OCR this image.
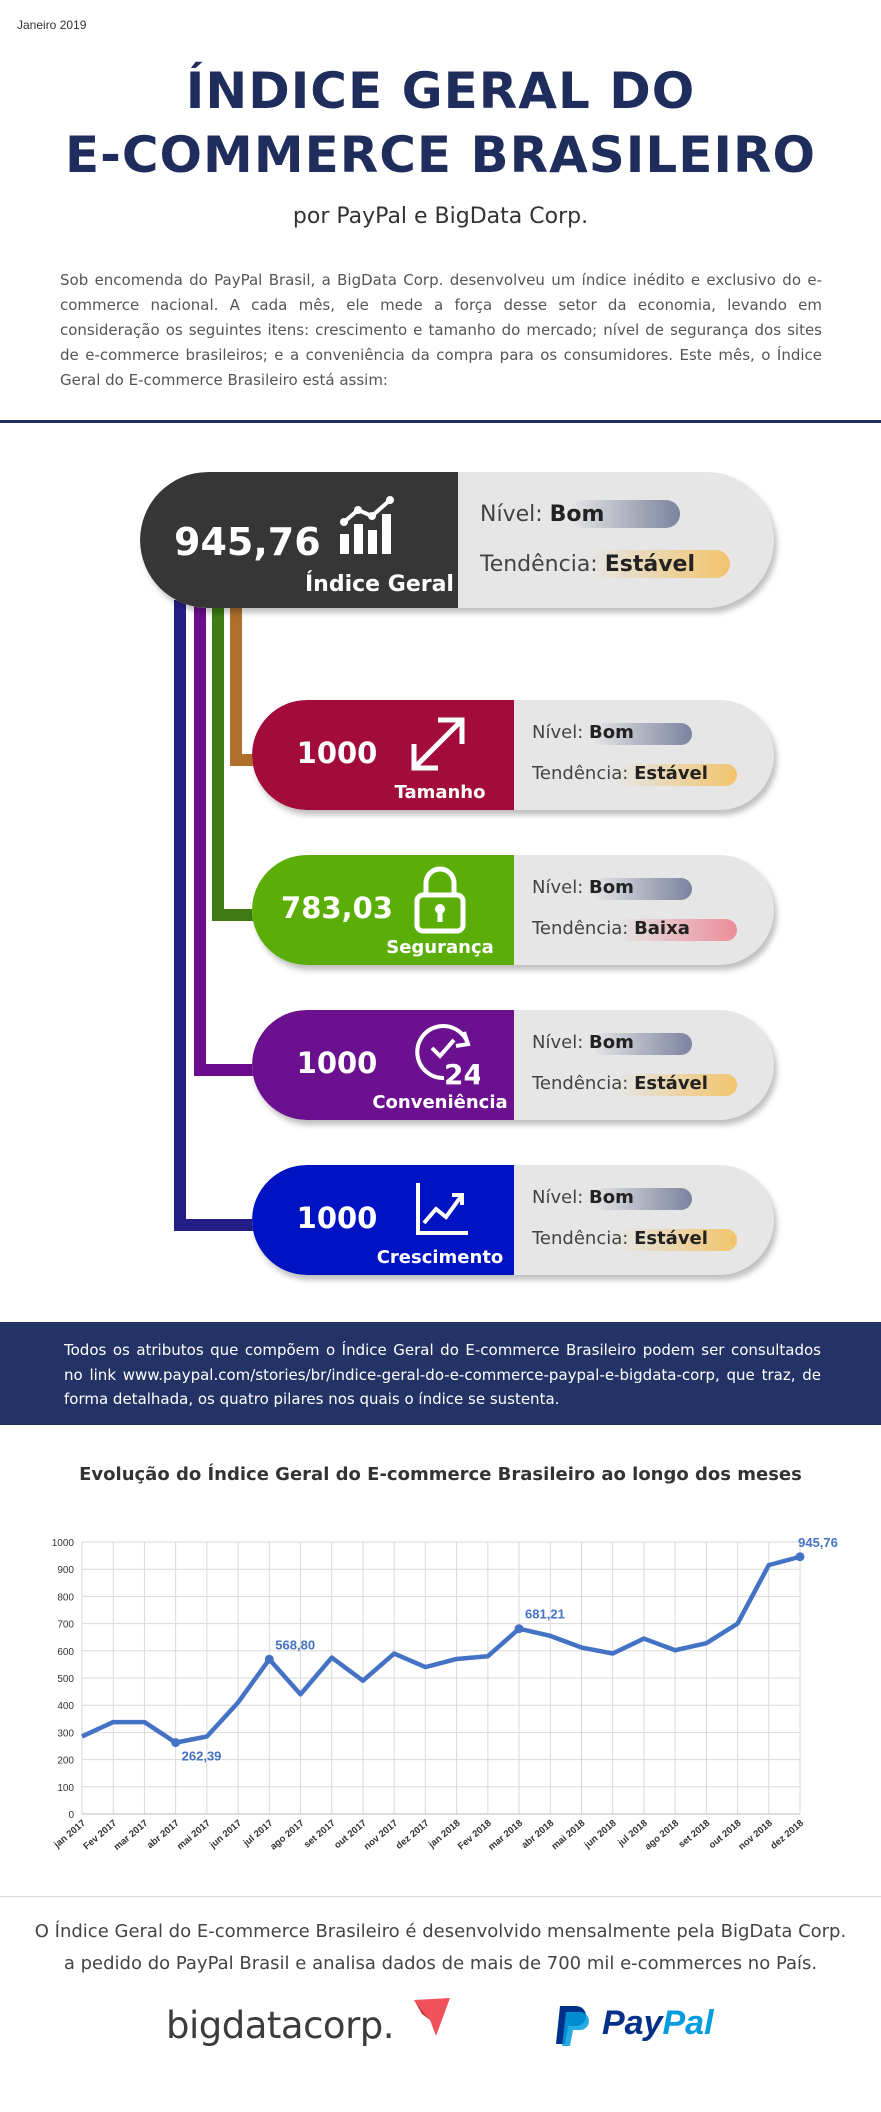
Janeiro 2019
ÍNDICE GERAL DO
E-COMMERCE BRASILEIRO
por PayPal e BigData Corp.
Sob encomenda do PayPal Brasil, a BigData Corp. desenvolveu um índice inédito e exclusivo do e-commerce nacional. A cada mês, ele mede a força desse setor da economia, levando em consideração os seguintes itens: crescimento e tamanho do mercado; nível de segurança dos sites de e-commerce brasileiros; e a conveniência da compra para os consumidores. Este mês, o Índice Geral do E-commerce Brasileiro está assim:
945,76
Índice Geral
Nível: Bom
Tendência: Estável
1000
Tamanho
Nível: Bom
Tendência: Estável
783,03
Segurança
Nível: Bom
Tendência: Baixa
1000	24
Conveniência
Nível: Bom
Tendência: Estável
1000
Crescimento
Nível: Bom
Tendência: Estável
Todos os atributos que compõem o Índice Geral do E-commerce Brasileiro podem ser consultados no link www.paypal.com/stories/br/indice-geral-do-e-commerce-paypal-e-bigdata-corp, que traz, de forma detalhada, os quatro pilares nos quais o índice se sustenta.
Evolução do Índice Geral do E-commerce Brasileiro ao longo dos meses
0
100
200
300
400
500
600
700
800
900
1000
jan 2017
Fev 2017
mar 2017
abr 2017
mai 2017
jun 2017
jul 2017
ago 2017
set 2017
out 2017
nov 2017
dez 2017
jan 2018
Fev 2018
mar 2018
abr 2018
mai 2018
jun 2018
jul 2018
ago 2018
set 2018
out 2018
nov 2018
dez 2018
262,39
568,80
681,21
945,76
O Índice Geral do E-commerce Brasileiro é desenvolvido mensalmente pela BigData Corp.
a pedido do PayPal Brasil e analisa dados de mais de 700 mil e-commerces no País.
bigdatacorp.	PayPal
